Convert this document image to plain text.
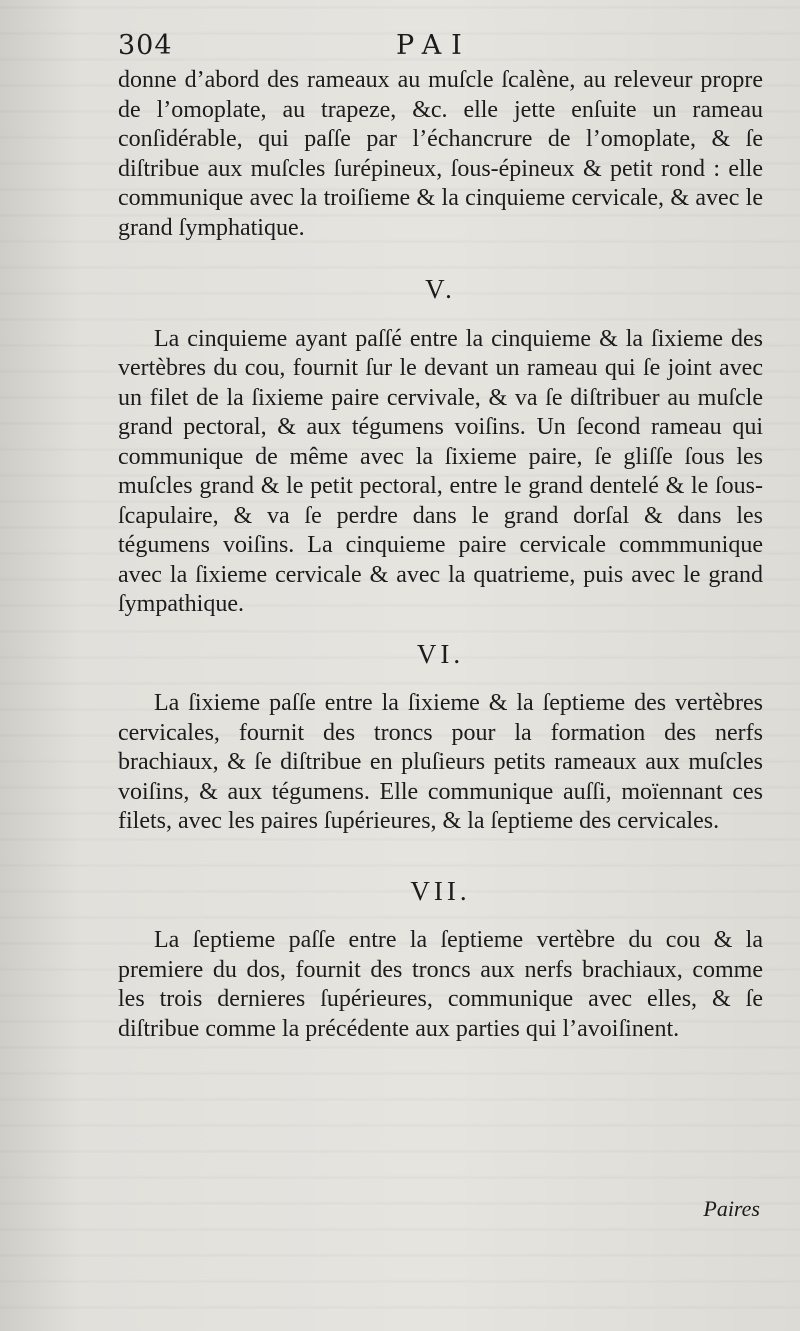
304	PAI

donne d’abord des rameaux au muſcle ſcalène, au releveur propre de l’omoplate, au trapeze, &c. elle jette enſuite un rameau conſidérable, qui paſſe par l’échancrure de l’omoplate, & ſe diſtribue aux muſcles ſurépineux, ſous-épineux & petit rond : elle communique avec la troiſieme & la cinquieme cervicale, & avec le grand ſymphatique.

V.

La cinquieme ayant paſſé entre la cinquieme & la ſixieme des vertèbres du cou, fournit ſur le devant un rameau qui ſe joint avec un filet de la ſixieme paire cervivale, & va ſe diſtribuer au muſcle grand pectoral, & aux tégumens voiſins. Un ſecond rameau qui communique de même avec la ſixieme paire, ſe gliſſe ſous les muſcles grand & le petit pectoral, entre le grand dentelé & le ſous-ſcapulaire, & va ſe perdre dans le grand dorſal & dans les tégumens voiſins. La cinquieme paire cervicale commmunique avec la ſixieme cervicale & avec la quatrieme, puis avec le grand ſympathique.

VI.

La ſixieme paſſe entre la ſixieme & la ſeptieme des vertèbres cervicales, fournit des troncs pour la formation des nerfs brachiaux, & ſe diſtribue en pluſieurs petits rameaux aux muſcles voiſins, & aux tégumens. Elle communique auſſi, moïennant ces filets, avec les paires ſupérieures, & la ſeptieme des cervicales.

VII.

La ſeptieme paſſe entre la ſeptieme vertèbre du cou & la premiere du dos, fournit des troncs aux nerfs brachiaux, comme les trois dernieres ſupérieures, communique avec elles, & ſe diſtribue comme la précédente aux parties qui l’avoiſinent.

Paires
